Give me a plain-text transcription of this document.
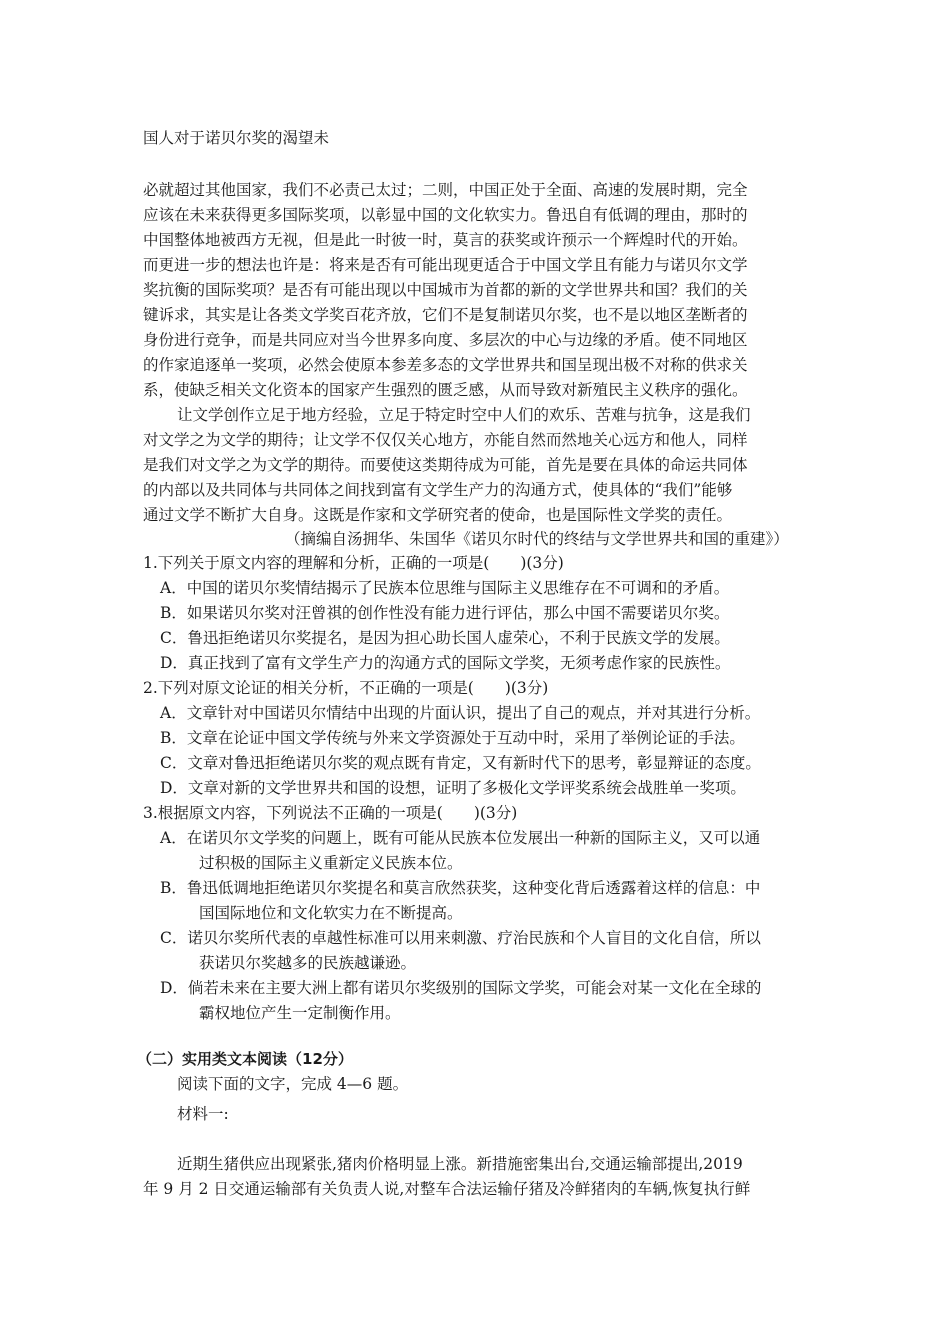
国人对于诺贝尔奖的渴望未
必就超过其他国家，我们不必责己太过；二则，中国正处于全面、高速的发展时期，完全
应该在未来获得更多国际奖项，以彰显中国的文化软实力。鲁迅自有低调的理由，那时的
中国整体地被西方无视，但是此一时彼一时，莫言的获奖或许预示一个辉煌时代的开始。
而更进一步的想法也许是：将来是否有可能出现更适合于中国文学且有能力与诺贝尔文学
奖抗衡的国际奖项？是否有可能出现以中国城市为首都的新的文学世界共和国？我们的关
键诉求，其实是让各类文学奖百花齐放，它们不是复制诺贝尔奖，也不是以地区垄断者的
身份进行竞争，而是共同应对当今世界多向度、多层次的中心与边缘的矛盾。使不同地区
的作家追逐单一奖项，必然会使原本参差多态的文学世界共和国呈现出极不对称的供求关
系，使缺乏相关文化资本的国家产生强烈的匮乏感，从而导致对新殖民主义秩序的强化。
让文学创作立足于地方经验，立足于特定时空中人们的欢乐、苦难与抗争，这是我们
对文学之为文学的期待；让文学不仅仅关心地方，亦能自然而然地关心远方和他人，同样
是我们对文学之为文学的期待。而要使这类期待成为可能，首先是要在具体的命运共同体
的内部以及共同体与共同体之间找到富有文学生产力的沟通方式，使具体的“我们”能够
通过文学不断扩大自身。这既是作家和文学研究者的使命，也是国际性文学奖的责任。
（摘编自汤拥华、朱国华《诺贝尔时代的终结与文学世界共和国的重建》）
1.下列关于原文内容的理解和分析，正确的一项是(　　)(3分)
A．中国的诺贝尔奖情结揭示了民族本位思维与国际主义思维存在不可调和的矛盾。
B．如果诺贝尔奖对汪曾祺的创作性没有能力进行评估，那么中国不需要诺贝尔奖。
C．鲁迅拒绝诺贝尔奖提名，是因为担心助长国人虚荣心，不利于民族文学的发展。
D．真正找到了富有文学生产力的沟通方式的国际文学奖，无须考虑作家的民族性。
2.下列对原文论证的相关分析，不正确的一项是(　　)(3分)
A．文章针对中国诺贝尔情结中出现的片面认识，提出了自己的观点，并对其进行分析。
B．文章在论证中国文学传统与外来文学资源处于互动中时，采用了举例论证的手法。
C．文章对鲁迅拒绝诺贝尔奖的观点既有肯定，又有新时代下的思考，彰显辩证的态度。
D．文章对新的文学世界共和国的设想，证明了多极化文学评奖系统会战胜单一奖项。
3.根据原文内容，下列说法不正确的一项是(　　)(3分)
A．在诺贝尔文学奖的问题上，既有可能从民族本位发展出一种新的国际主义，又可以通
过积极的国际主义重新定义民族本位。
B．鲁迅低调地拒绝诺贝尔奖提名和莫言欣然获奖，这种变化背后透露着这样的信息：中
国国际地位和文化软实力在不断提高。
C．诺贝尔奖所代表的卓越性标准可以用来刺激、疗治民族和个人盲目的文化自信，所以
获诺贝尔奖越多的民族越谦逊。
D．倘若未来在主要大洲上都有诺贝尔奖级别的国际文学奖，可能会对某一文化在全球的
霸权地位产生一定制衡作用。
（二）实用类文本阅读（12分）
阅读下面的文字，完成 4—6 题。
材料一:
近期生猪供应出现紧张,猪肉价格明显上涨。新措施密集出台,交通运输部提出,2019
年 9 月 2 日交通运输部有关负责人说,对整车合法运输仔猪及冷鲜猪肉的车辆,恢复执行鲜
